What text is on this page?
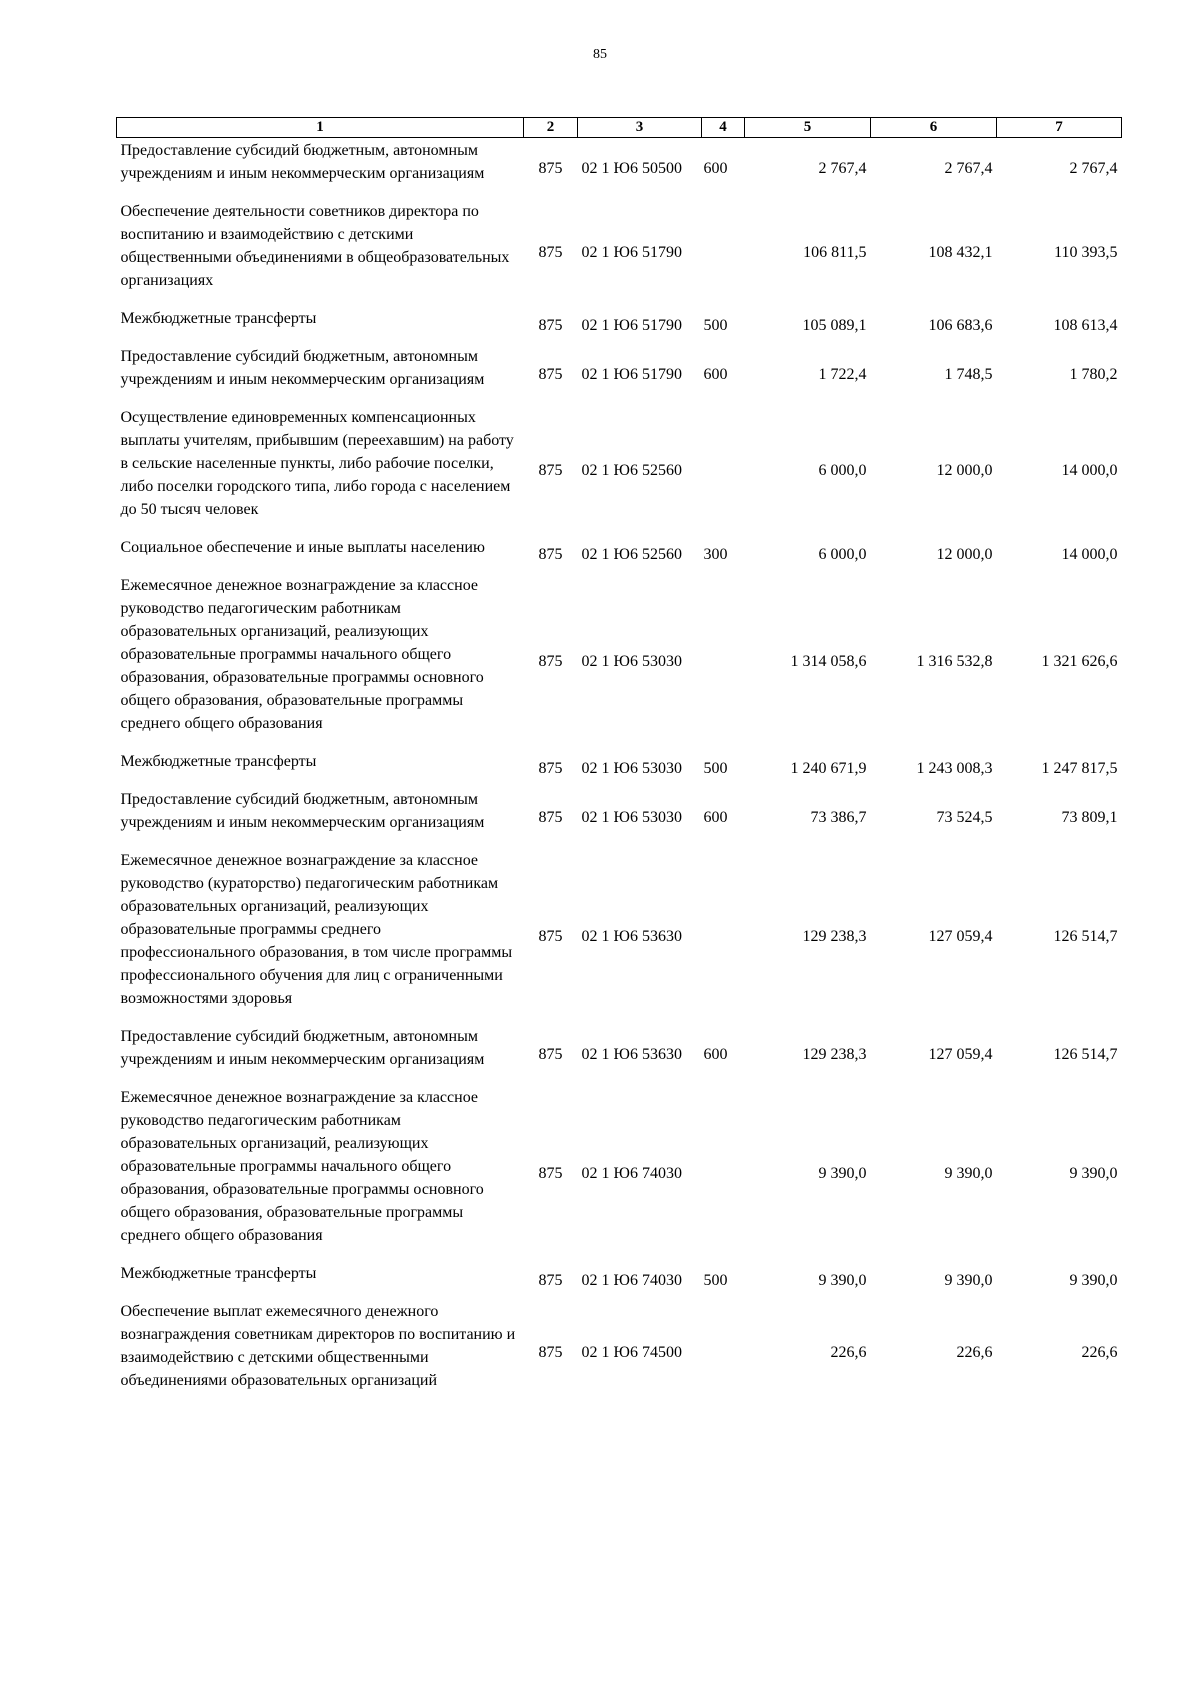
85
1	2	3	4	5	6	7
Предоставление субсидий бюджетным, автономным учреждениям и иным некоммерческим организациям	875	02 1 Ю6 50500	600	2 767,4	2 767,4	2 767,4
Обеспечение деятельности советников директора по воспитанию и взаимодействию с детскими общественными объединениями в общеобразовательных организациях	875	02 1 Ю6 51790		106 811,5	108 432,1	110 393,5
Межбюджетные трансферты	875	02 1 Ю6 51790	500	105 089,1	106 683,6	108 613,4
Предоставление субсидий бюджетным, автономным учреждениям и иным некоммерческим организациям	875	02 1 Ю6 51790	600	1 722,4	1 748,5	1 780,2
Осуществление единовременных компенсационных выплаты учителям, прибывшим (переехавшим) на работу в сельские населенные пункты, либо рабочие поселки, либо поселки городского типа, либо города с населением до 50 тысяч человек	875	02 1 Ю6 52560		6 000,0	12 000,0	14 000,0
Социальное обеспечение и иные выплаты населению	875	02 1 Ю6 52560	300	6 000,0	12 000,0	14 000,0
Ежемесячное денежное вознаграждение за классное руководство педагогическим работникам образовательных организаций, реализующих образовательные программы начального общего образования, образовательные программы основного общего образования, образовательные программы среднего общего образования	875	02 1 Ю6 53030		1 314 058,6	1 316 532,8	1 321 626,6
Межбюджетные трансферты	875	02 1 Ю6 53030	500	1 240 671,9	1 243 008,3	1 247 817,5
Предоставление субсидий бюджетным, автономным учреждениям и иным некоммерческим организациям	875	02 1 Ю6 53030	600	73 386,7	73 524,5	73 809,1
Ежемесячное денежное вознаграждение за классное руководство (кураторство) педагогическим работникам образовательных организаций, реализующих образовательные программы среднего профессионального образования, в том числе программы профессионального обучения для лиц с ограниченными возможностями здоровья	875	02 1 Ю6 53630		129 238,3	127 059,4	126 514,7
Предоставление субсидий бюджетным, автономным учреждениям и иным некоммерческим организациям	875	02 1 Ю6 53630	600	129 238,3	127 059,4	126 514,7
Ежемесячное денежное вознаграждение за классное руководство педагогическим работникам образовательных организаций, реализующих образовательные программы начального общего образования, образовательные программы основного общего образования, образовательные программы среднего общего образования	875	02 1 Ю6 74030		9 390,0	9 390,0	9 390,0
Межбюджетные трансферты	875	02 1 Ю6 74030	500	9 390,0	9 390,0	9 390,0
Обеспечение выплат ежемесячного денежного вознаграждения советникам директоров по воспитанию и взаимодействию с детскими общественными объединениями образовательных организаций	875	02 1 Ю6 74500		226,6	226,6	226,6
